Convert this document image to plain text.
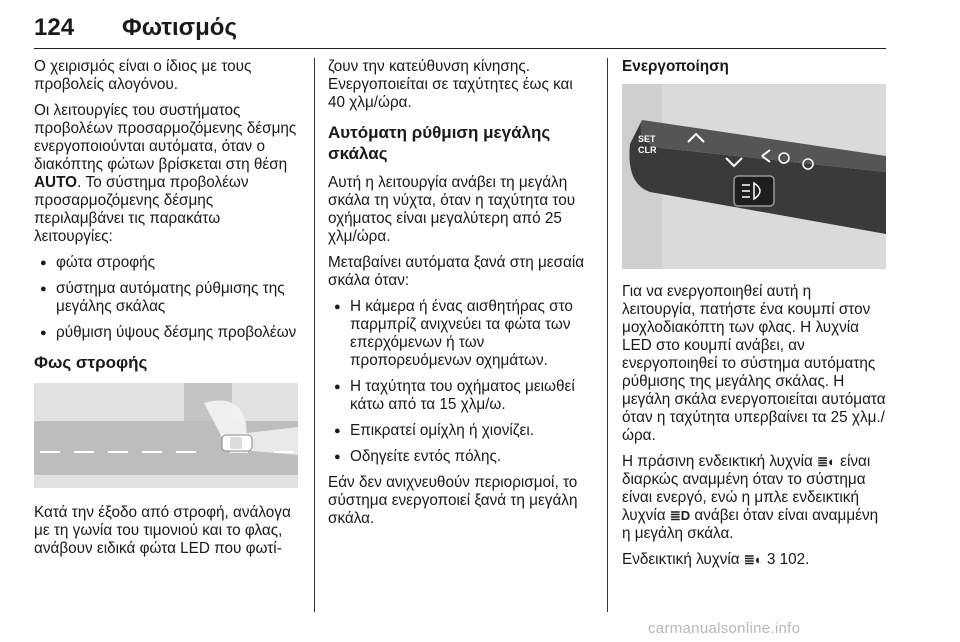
124 Φωτισμός

Ο χειρισμός είναι ο ίδιος με τους προβολείς αλογόνου.

Οι λειτουργίες του συστήματος προβολέων προσαρμοζόμενης δέσμης ενεργοποιούνται αυτόματα, όταν ο διακόπτης φώτων βρίσκεται στη θέση AUTO. Το σύστημα προβολέων προσαρμοζόμενης δέσμης περιλαμβάνει τις παρακάτω λειτουργίες:

● φώτα στροφής
● σύστημα αυτόματης ρύθμισης της μεγάλης σκάλας
● ρύθμιση ύψους δέσμης προβολέων
Φως στροφής

Κατά την έξοδο από στροφή, ανάλογα με τη γωνία του τιμονιού και το φλας, ανάβουν ειδικά φώτα LED που φωτί-

ζουν την κατεύθυνση κίνησης. Ενεργοποιείται σε ταχύτητες έως και 40 χλμ/ώρα.

Αυτόματη ρύθμιση μεγάλης σκάλας

Αυτή η λειτουργία ανάβει τη μεγάλη σκάλα τη νύχτα, όταν η ταχύτητα του οχήματος είναι μεγαλύτερη από 25 χλμ/ώρα.

Μεταβαίνει αυτόματα ξανά στη μεσαία σκάλα όταν:

● Η κάμερα ή ένας αισθητήρας στο παρμπρίζ ανιχνεύει τα φώτα των επερχόμενων ή των προπορευόμενων οχημάτων.
● Η ταχύτητα του οχήματος μειωθεί κάτω από τα 15 χλμ/ω.
● Επικρατεί ομίχλη ή χιονίζει.
● Οδηγείτε εντός πόλης.

Εάν δεν ανιχνευθούν περιορισμοί, το σύστημα ενεργοποιεί ξανά τη μεγάλη σκάλα.

Ενεργοποίηση

SET
CLR

Για να ενεργοποιηθεί αυτή η λειτουργία, πατήστε ένα κουμπί στον μοχλοδιακόπτη των φλας. Η λυχνία LED στο κουμπί ανάβει, αν ενεργοποιηθεί το σύστημα αυτόματης ρύθμισης της μεγάλης σκάλας. Η μεγάλη σκάλα ενεργοποιείται αυτόματα όταν η ταχύτητα υπερβαίνει τα 25 χλμ./ώρα.

Η πράσινη ενδεικτική λυχνία ≣◐ είναι διαρκώς αναμμένη όταν το σύστημα είναι ενεργό, ενώ η μπλε ενδεικτική λυχνία ≣D ανάβει όταν είναι αναμμένη η μεγάλη σκάλα.

Ενδεικτική λυχνία ≣◐ 3 102.

carmanualsonline.info
